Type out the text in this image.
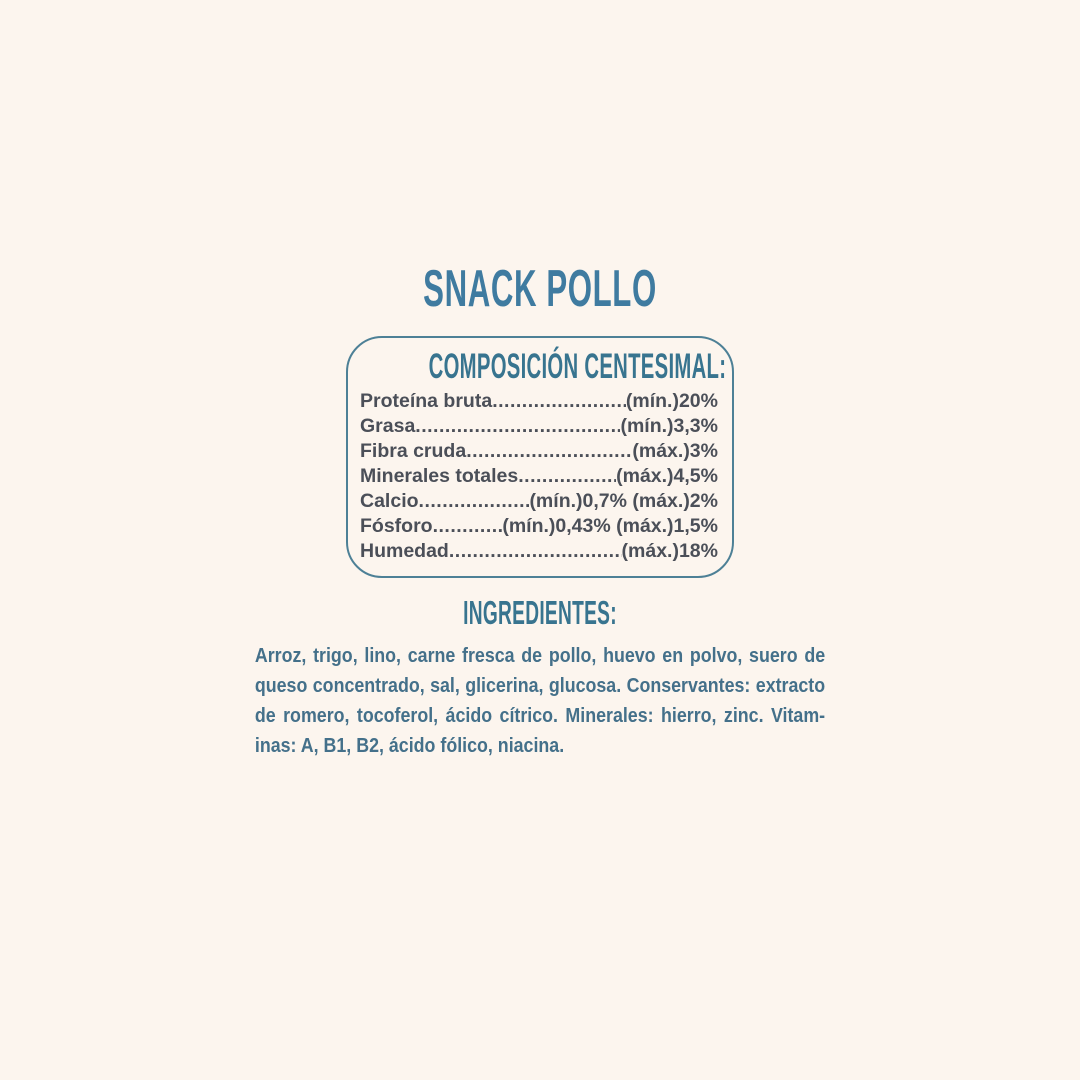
SNACK POLLO
COMPOSICIÓN CENTESIMAL:
Proteína bruta .....	(mín.)20%
Grasa .....	(mín.)3,3%
Fibra cruda .....	(máx.)3%
Minerales totales .....	(máx.)4,5%
Calcio .....	(mín.)0,7% (máx.)2%
Fósforo .....	(mín.)0,43% (máx.)1,5%
Humedad .....	(máx.)18%
INGREDIENTES:
Arroz, trigo, lino, carne fresca de pollo, huevo en polvo, suero de
queso concentrado, sal, glicerina, glucosa. Conservantes: extracto
de romero, tocoferol, ácido cítrico. Minerales: hierro, zinc. Vitam-
inas: A, B1, B2, ácido fólico, niacina.
